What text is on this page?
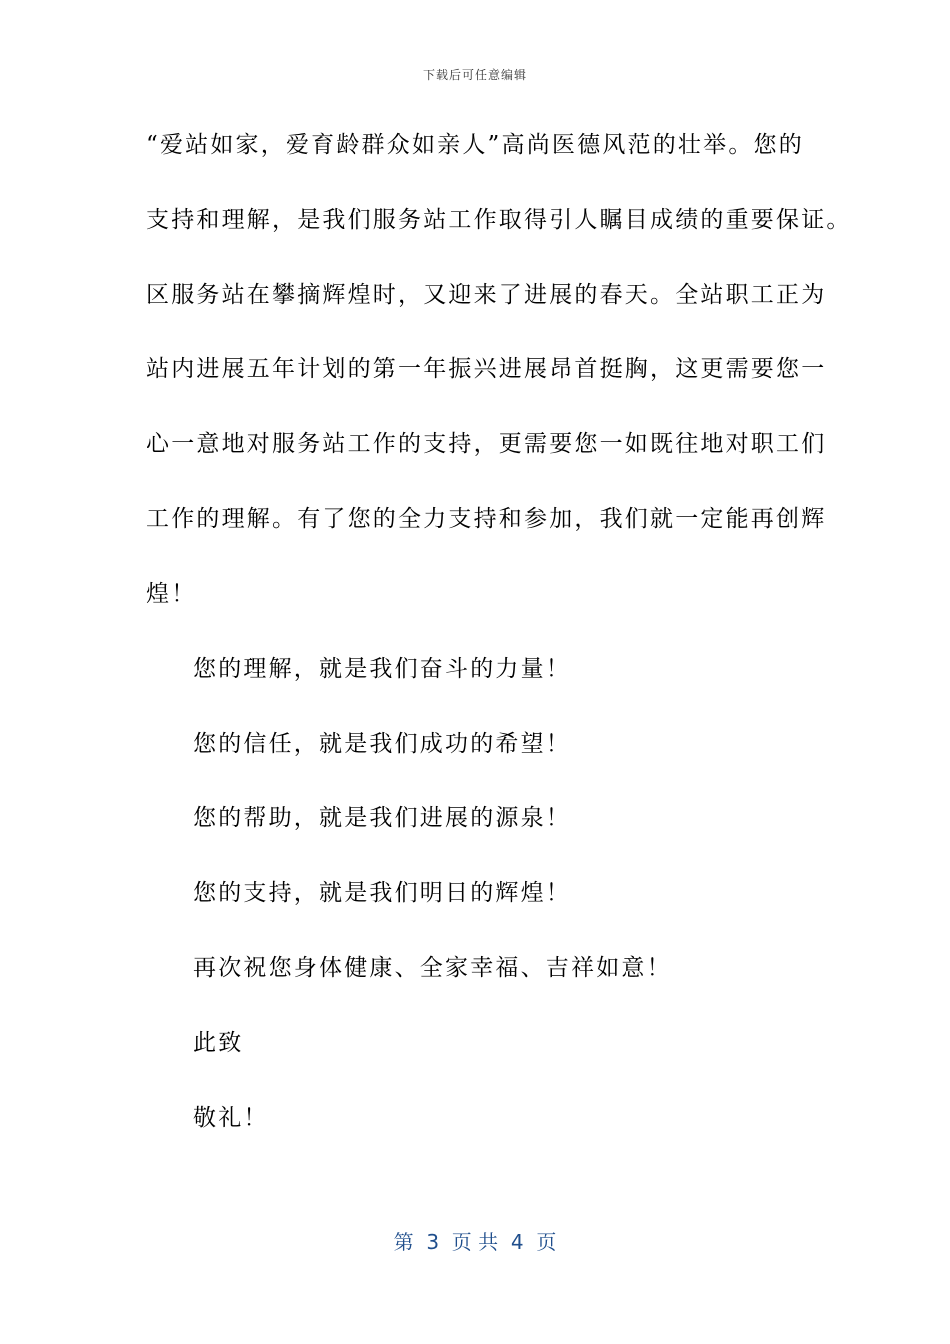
下载后可任意编辑
“爱站如家，爱育龄群众如亲人”高尚医德风范的壮举。您的
支持和理解，是我们服务站工作取得引人瞩目成绩的重要保证。
区服务站在攀摘辉煌时，又迎来了进展的春天。全站职工正为
站内进展五年计划的第一年振兴进展昂首挺胸，这更需要您一
心一意地对服务站工作的支持，更需要您一如既往地对职工们
工作的理解。有了您的全力支持和参加，我们就一定能再创辉
煌！
您的理解，就是我们奋斗的力量！
您的信任，就是我们成功的希望！
您的帮助，就是我们进展的源泉！
您的支持，就是我们明日的辉煌！
再次祝您身体健康、全家幸福、吉祥如意！
此致
敬礼！
第  3  页 共  4  页
